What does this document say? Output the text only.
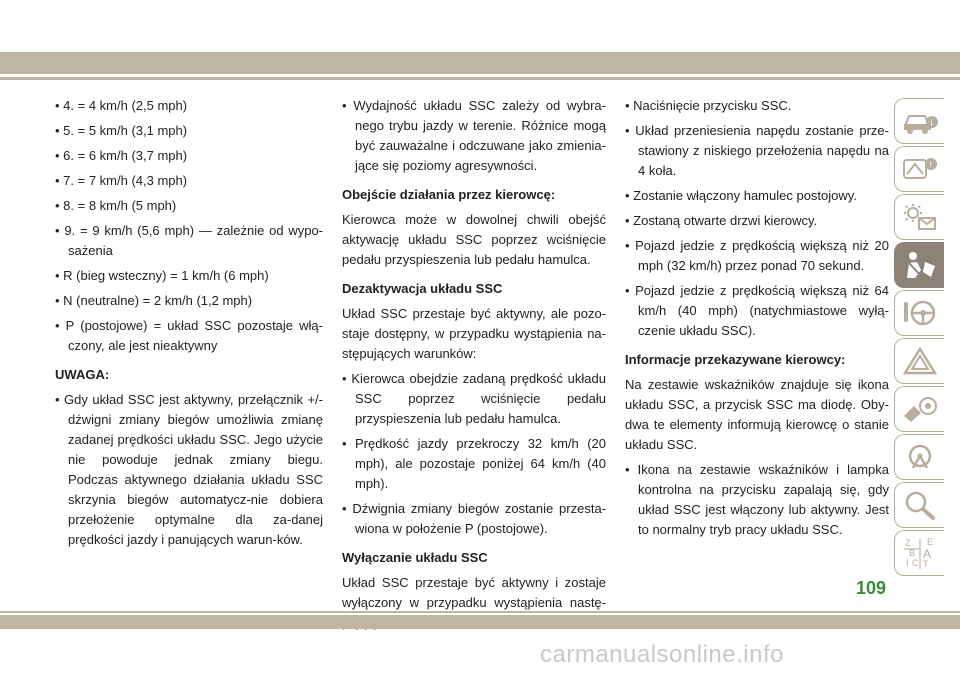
• 4. = 4 km/h (2,5 mph)

• 5. = 5 km/h (3,1 mph)

• 6. = 6 km/h (3,7 mph)

• 7. = 7 km/h (4,3 mph)

• 8. = 8 km/h (5 mph)

• 9. = 9 km/h (5,6 mph) — zależnie od wypo-sażenia

• R (bieg wsteczny) = 1 km/h (6 mph)

• N (neutralne) = 2 km/h (1,2 mph)

• P (postojowe) = układ SSC pozostaje włą-czony, ale jest nieaktywny

UWAGA:

• Gdy układ SSC jest aktywny, przełącznik +/- dźwigni zmiany biegów umożliwia zmianę zadanej prędkości układu SSC. Jego użycie nie powoduje jednak zmiany biegu. Podczas aktywnego działania układu SSC skrzynia biegów automatycz-nie dobiera przełożenie optymalne dla za-danej prędkości jazdy i panujących warun-ków.

• Wydajność układu SSC zależy od wybra-nego trybu jazdy w terenie. Różnice mogą być zauważalne i odczuwane jako zmienia-jące się poziomy agresywności.

Obejście działania przez kierowcę:

Kierowca może w dowolnej chwili obejść aktywację układu SSC poprzez wciśnięcie pedału przyspieszenia lub pedału hamulca.

Dezaktywacja układu SSC

Układ SSC przestaje być aktywny, ale pozo-staje dostępny, w przypadku wystąpienia na-stępujących warunków:

• Kierowca obejdzie zadaną prędkość układu SSC poprzez wciśnięcie pedału przyspieszenia lub pedału hamulca.

• Prędkość jazdy przekroczy 32 km/h (20 mph), ale pozostaje poniżej 64 km/h (40 mph).

• Dźwignia zmiany biegów zostanie przesta-wiona w położenie P (postojowe).

Wyłączanie układu SSC

Układ SSC przestaje być aktywny i zostaje wyłączony w przypadku wystąpienia nastę-

• Naciśnięcie przycisku SSC.

• Układ przeniesienia napędu zostanie prze-stawiony z niskiego przełożenia napędu na 4 koła.

• Zostanie włączony hamulec postojowy.

• Zostaną otwarte drzwi kierowcy.

• Pojazd jedzie z prędkością większą niż 20 mph (32 km/h) przez ponad 70 sekund.

• Pojazd jedzie z prędkością większą niż 64 km/h (40 mph) (natychmiastowe wyłą-czenie układu SSC).

Informacje przekazywane kierowcy:

Na zestawie wskaźników znajduje się ikona układu SSC, a przycisk SSC ma diodę. Oby-dwa te elementy informują kierowcę o stanie układu SSC.

• Ikona na zestawie wskaźników i lampka kontrolna na przycisku zapalają się, gdy układ SSC jest włączony lub aktywny. Jest to normalny tryb pracy układu SSC.

i
!
Z E
B A
I C T
109
carmanualsonline.info
